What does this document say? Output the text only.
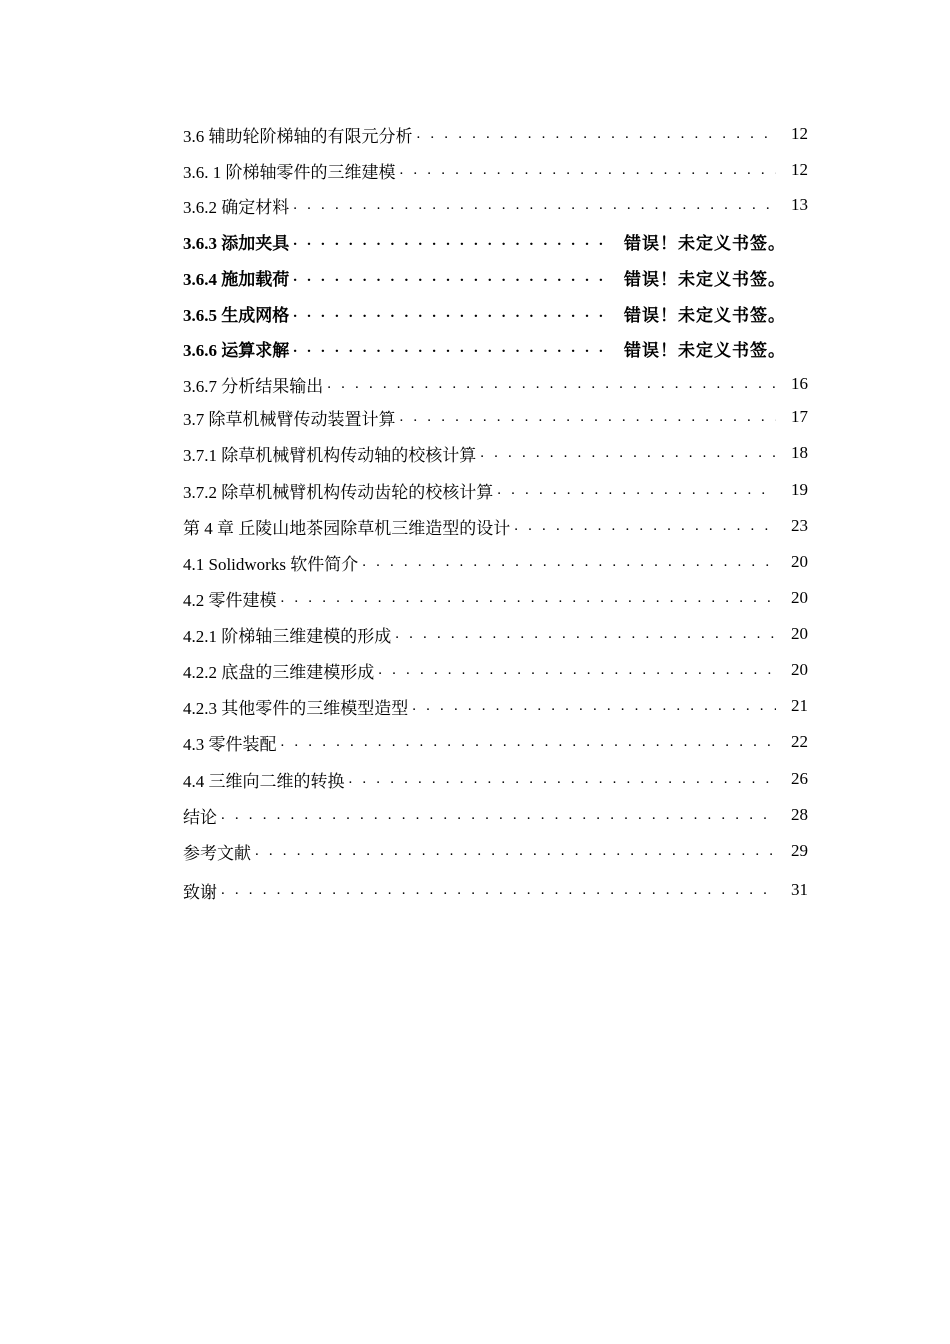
3.6 辅助轮阶梯轴的有限元分析 . . .	12
3.6. 1 阶梯轴零件的三维建模 . . .	12
3.6.2 确定材料 . . .	13
3.6.3 添加夹具 . . .	错误！未定义书签。
3.6.4 施加载荷 . . .	错误！未定义书签。
3.6.5 生成网格 . . .	错误！未定义书签。
3.6.6 运算求解 . . .	错误！未定义书签。
3.6.7 分析结果输出 . . .	16
3.7 除草机械臂传动装置计算 . . .	17
3.7.1 除草机械臂机构传动轴的校核计算 . . .	18
3.7.2 除草机械臂机构传动齿轮的校核计算 . . .	19
第 4 章 丘陵山地茶园除草机三维造型的设计 . . .	23
4.1 Solidworks 软件简介 . . .	20
4.2 零件建模 . . .	20
4.2.1 阶梯轴三维建模的形成 . . .	20
4.2.2 底盘的三维建模形成 . . .	20
4.2.3 其他零件的三维模型造型 . . .	21
4.3 零件装配 . . .	22
4.4 三维向二维的转换 . . .	26
结论 . . .	28
参考文献 . . .	29
致谢 . . .	31
